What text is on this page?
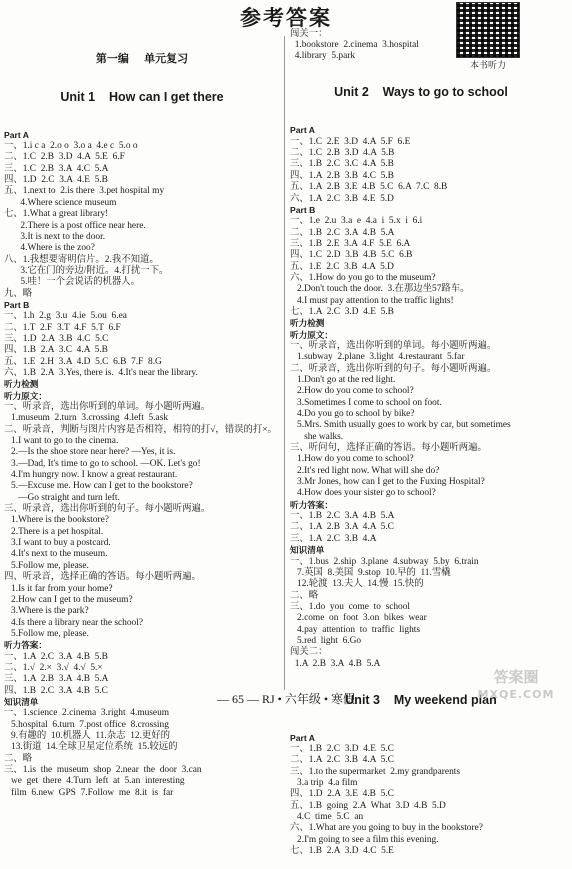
参考答案
本书听力

第一编    单元复习

Unit 1    How can I get there

Part A
一、1.i c a  2.o o  3.o a  4.e c  5.o o
二、1.C  2.B  3.D  4.A  5.E  6.F
三、1.C  2.B  3.A  4.C  5.A
四、1.D  2.C  3.A  4.E  5.B
五、1.next to  2.is there  3.pet hospital my
4.Where science museum
七、1.What a great library!
2.There is a post office near here.
3.It is next to the door.
4.Where is the zoo?
八、1.我想要寄明信片。2.我不知道。
3.它在门的旁边/附近。4.打扰一下。
5.哇！一个会说话的机器人。
九、略
Part B
一、1.h  2.g  3.u  4.ie  5.ou  6.ea
二、1.T  2.F  3.T  4.F  5.T  6.F
三、1.D  2.A  3.B  4.C  5.C
四、1.B  2.A  3.C  4.A  5.B
五、1.E  2.H  3.A  4.D  5.C  6.B  7.F  8.G
六、1.B  2.A  3.Yes, there is.  4.It's near the library.
听力检测
听力原文：
一、听录音，选出你听到的单词。每小题听两遍。
1.museum  2.turn  3.crossing  4.left  5.ask
二、听录音，判断与图片内容是否相符，相符的打√，错误的打×。
1.I want to go to the cinema.
2.—Is the shoe store near here? —Yes, it is.
3.—Dad, It's time to go to school. —OK. Let's go!
4.I'm hungry now. I know a great restaurant.
5.—Excuse me. How can I get to the bookstore?
—Go straight and turn left.
三、听录音，选出你听到的句子。每小题听两遍。
1.Where is the bookstore?
2.There is a pet hospital.
3.I want to buy a postcard.
4.It's next to the museum.
5.Follow me, please.
四、听录音，选择正确的答语。每小题听两遍。
1.Is it far from your home?
2.How can I get to the museum?
3.Where is the park?
4.Is there a library near the school?
5.Follow me, please.
听力答案：
一、1.A  2.C  3.A  4.B  5.B
二、1.√  2.×  3.√  4.√  5.×
三、1.A  2.B  3.A  4.B  5.A
四、1.B  2.C  3.A  4.B  5.C
知识清单
一、1.science  2.cinema  3.right  4.museum
5.hospital  6.turn  7.post office  8.crossing
9.有趣的  10.机器人  11.杂志  12.更好的
13.街道  14.全球卫星定位系统  15.较远的
二、略
三、1.is  the  museum  shop  2.near  the  door  3.can
we  get  there  4.Turn  left  at  5.an  interesting
film  6.new  GPS  7.Follow  me  8.it  is  far

闯关一：
1.bookstore  2.cinema  3.hospital
4.library  5.park

Unit 2    Ways to go to school

Part A
一、1.C  2.E  3.D  4.A  5.F  6.E
二、1.C  2.B  3.D  4.A  5.B
三、1.B  2.C  3.C  4.A  5.B
四、1.A  2.B  3.B  4.C  5.B
五、1.A  2.B  3.E  4.B  5.C  6.A  7.C  8.B
六、1.A  2.C  3.B  4.E  5.D
Part B
一、1.e  2.u  3.a  e  4.a  i  5.x  i  6.i
二、1.B  2.C  3.A  4.B  5.A
三、1.B  2.E  3.A  4.F  5.E  6.A
四、1.C  2.D  3.B  4.B  5.C  6.B
五、1.E  2.C  3.B  4.A  5.D
六、1.How do you go to the museum?
2.Don't touch the door.  3.在那边坐57路车。
4.I must pay attention to the traffic lights!
七、1.A  2.C  3.D  4.E  5.B
听力检测
听力原文：
一、听录音，选出你听到的单词。每小题听两遍。
1.subway  2.plane  3.light  4.restaurant  5.far
二、听录音，选出你听到的句子。每小题听两遍。
1.Don't go at the red light.
2.How do you come to school?
3.Sometimes I come to school on foot.
4.Do you go to school by bike?
5.Mrs. Smith usually goes to work by car, but sometimes
she walks.
三、听问句，选择正确的答语。每小题听两遍。
1.How do you come to school?
2.It's red light now. What will she do?
3.Mr Jones, how can I get to the Fuxing Hospital?
4.How does your sister go to school?
听力答案：
一、1.B  2.C  3.A  4.B  5.A
二、1.A  2.B  3.A  4.A  5.C
三、1.A  2.C  3.B  4.A
知识清单
一、1.bus  2.ship  3.plane  4.subway  5.by  6.train
7.英国  8.美国  9.stop  10.早的  11.雪橇
12.轮渡  13.夫人  14.慢  15.快的
二、略
三、1.do  you  come  to  school
2.come  on  foot  3.on  bikes  wear
4.pay  attention  to  traffic  lights
5.red  light  6.Go
闯关二：
1.A  2.B  3.A  4.B  5.A

Unit 3    My weekend plan

Part A
一、1.B  2.C  3.D  4.E  5.C
二、1.A  2.C  3.B  4.A  5.C
三、1.to the supermarket  2.my grandparents
3.a trip  4.a film
四、1.D  2.A  3.E  4.B  5.C
五、1.B  going  2.A  What  3.D  4.B  5.D
4.C  time  5.C  an
六、1.What are you going to buy in the bookstore?
2.I'm going to see a film this evening.
七、1.B  2.A  3.D  4.C  5.E

— 65 — RJ • 六年级 • 寒假
答案圈
MXQE.COM
